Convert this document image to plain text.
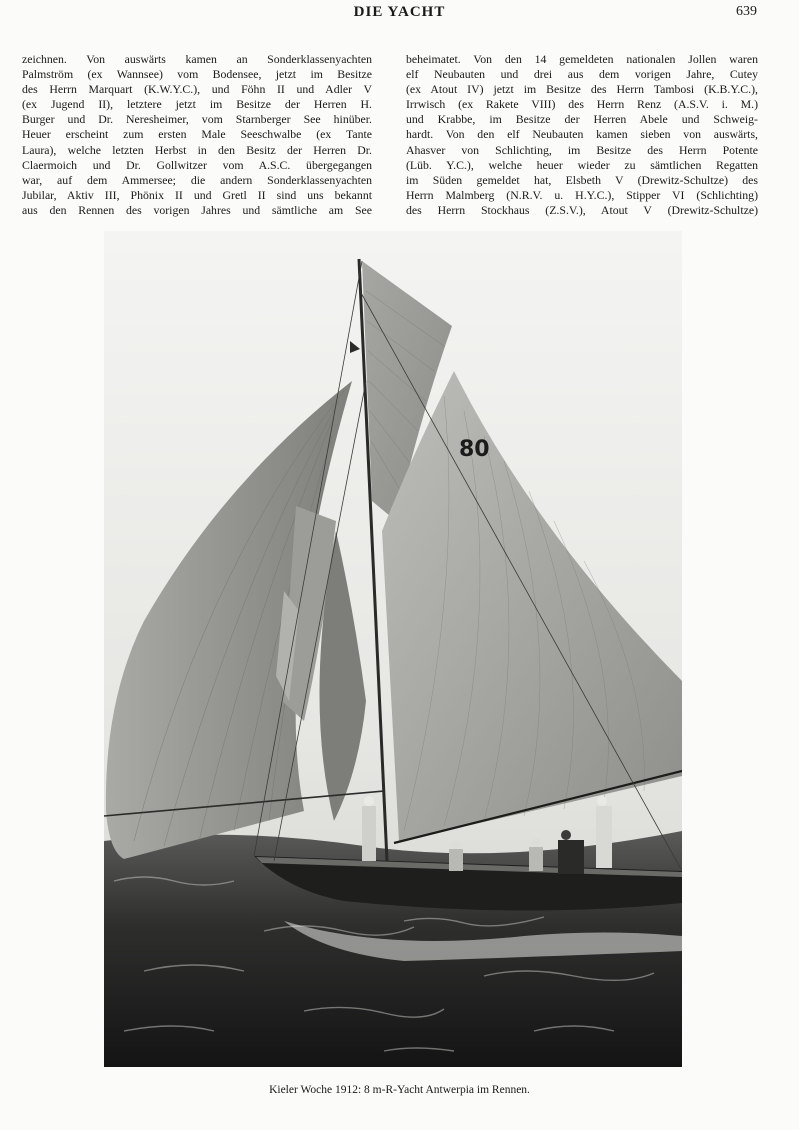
DIE YACHT	639
zeichnen. Von auswärts kamen an Sonderklassenyachten
Palmström (ex Wannsee) vom Bodensee, jetzt im Besitze
des Herrn Marquart (K.W.Y.C.), und Föhn II und Adler V
(ex Jugend II), letztere jetzt im Besitze der Herren H.
Burger und Dr. Neresheimer, vom Starnberger See hinüber.
Heuer erscheint zum ersten Male Seeschwalbe (ex Tante
Laura), welche letzten Herbst in den Besitz der Herren Dr.
Claermoich und Dr. Gollwitzer vom A.S.C. übergegangen
war, auf dem Ammersee; die andern Sonderklassenyachten
Jubilar, Aktiv III, Phönix II und Gretl II sind uns bekannt
aus den Rennen des vorigen Jahres und sämtliche am See
beheimatet. Von den 14 gemeldeten nationalen Jollen waren
elf Neubauten und drei aus dem vorigen Jahre, Cutey
(ex Atout IV) jetzt im Besitze des Herrn Tambosi (K.B.Y.C.),
Irrwisch (ex Rakete VIII) des Herrn Renz (A.S.V. i. M.)
und Krabbe, im Besitze der Herren Abele und Schweig-
hardt. Von den elf Neubauten kamen sieben von auswärts,
Ahasver von Schlichting, im Besitze des Herrn Potente
(Lüb. Y.C.), welche heuer wieder zu sämtlichen Regatten
im Süden gemeldet hat, Elsbeth V (Drewitz-Schultze) des
Herrn Malmberg (N.R.V. u. H.Y.C.), Stipper VI (Schlichting)
des Herrn Stockhaus (Z.S.V.), Atout V (Drewitz-Schultze)
80
Kieler Woche 1912: 8 m-R-Yacht Antwerpia im Rennen.
